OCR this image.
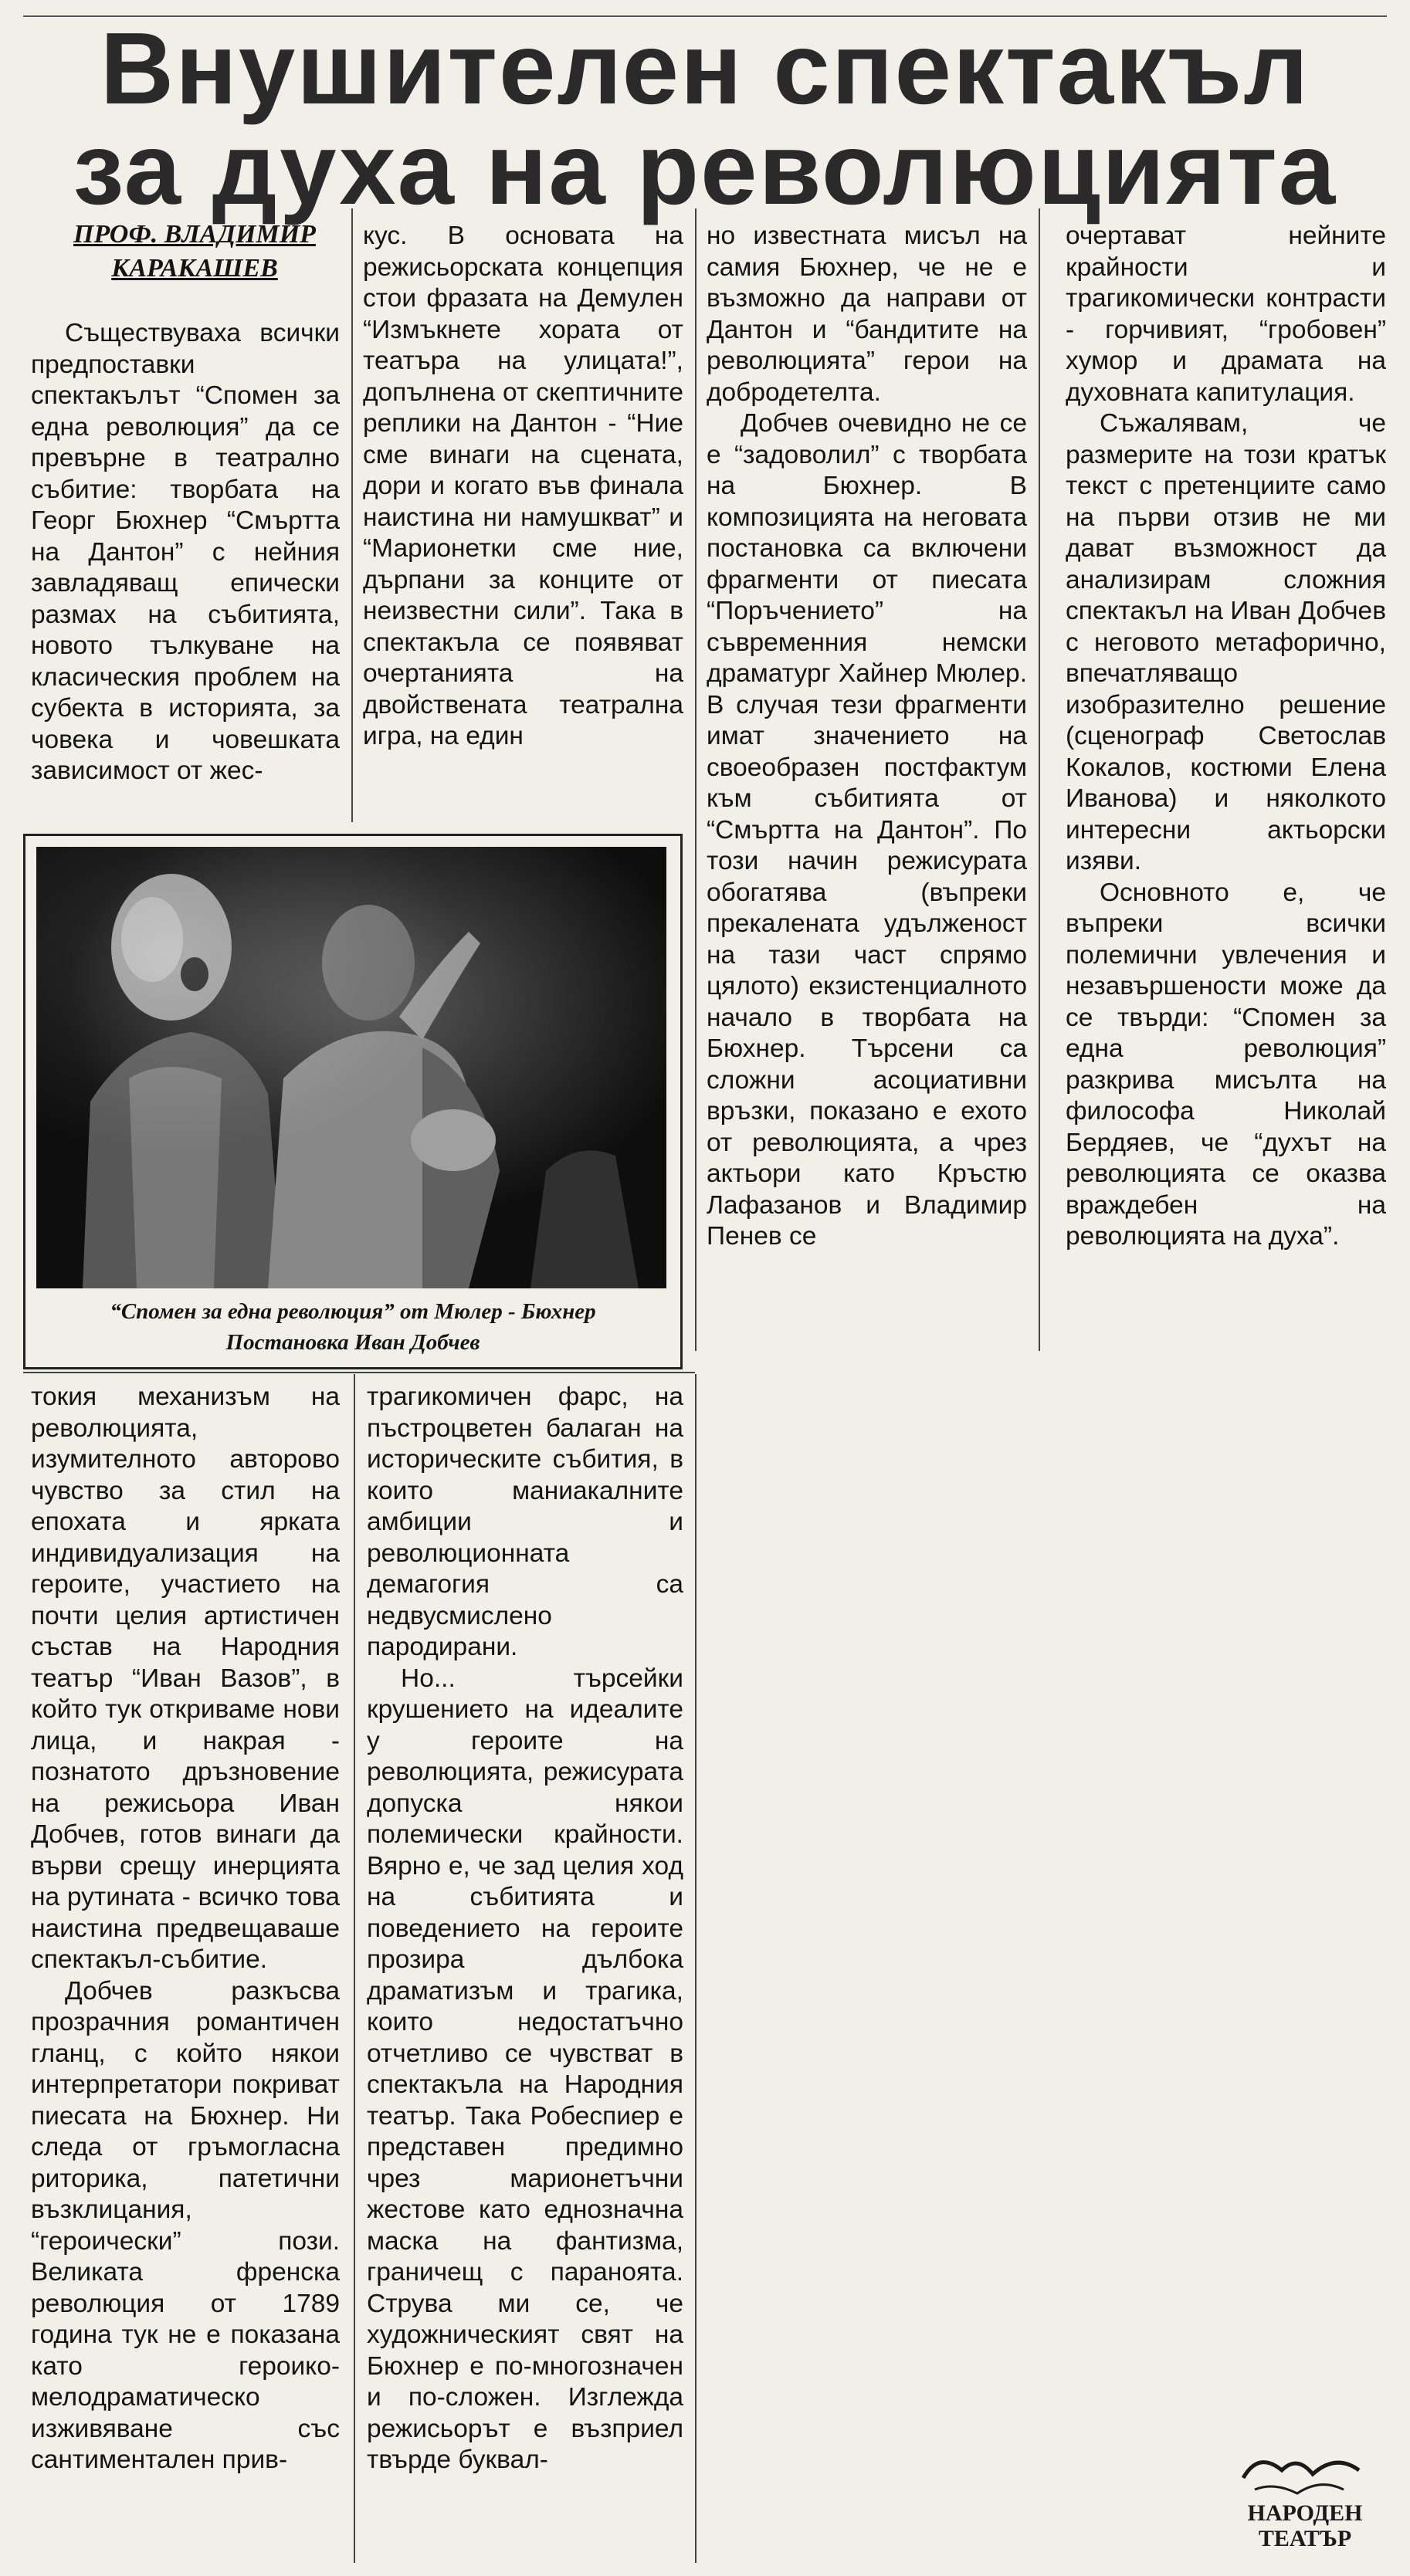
Внушителен спектакъл
за духа на революцията
ПРОФ. ВЛАДИМИР
КАРАКАШЕВ

Съществуваха всички предпоставки спектакълът “Спомен за една революция” да се превърне в театрално събитие: творбата на Георг Бюхнер “Смъртта на Дантон” с нейния завладяващ епически размах на събитията, новото тълкуване на класическия проблем на субекта в историята, за човека и човешката зависимост от жес-

кус. В основата на режисьорската концепция стои фразата на Демулен “Измъкнете хората от театъра на улицата!”, допълнена от скептичните реплики на Дантон - “Ние сме винаги на сцената, дори и когато във финала наистина ни намушкват” и “Марионетки сме ние, дърпани за конците от неизвестни сили”. Така в спектакъла се появяват очертанията на двойствената театрална игра, на един

но известната мисъл на самия Бюхнер, че не е възможно да направи от Дантон и “бандитите на революцията” герои на добродетелта.

Добчев очевидно не се е “задоволил” с творбата на Бюхнер. В композицията на неговата постановка са включени фрагменти от пиесата “Поръчението” на съвременния немски драматург Хайнер Мюлер. В случая тези фрагменти имат значението на своеобразен постфактум към събитията от “Смъртта на Дантон”. По този начин режисурата обогатява (въпреки прекалената удълженост на тази част спрямо цялото) екзистенциалното начало в творбата на Бюхнер. Търсени са сложни асоциативни връзки, показано е ехото от революцията, а чрез актьори като Кръстю Лафазанов и Владимир Пенев се

очертават нейните крайности и трагикомически контрасти - горчивият, “гробовен” хумор и драмата на духовната капитулация.

Съжалявам, че размерите на този кратък текст с претенциите само на първи отзив не ми дават възможност да анализирам сложния спектакъл на Иван Добчев с неговото метафорично, впечатляващо изобразително решение (сценограф Светослав Кокалов, костюми Елена Иванова) и няколкото интересни актьорски изяви.

Основното е, че въпреки всички полемични увлечения и незавършености може да се твърди: “Спомен за една революция” разкрива мисълта на философа Николай Бердяев, че “духът на революцията се оказва враждебен на революцията на духа”.

“Спомен за една революция” от Мюлер - Бюхнер
Постановка Иван Добчев

токия механизъм на революцията, изумителното авторово чувство за стил на епохата и ярката индивидуализация на героите, участието на почти целия артистичен състав на Народния театър “Иван Вазов”, в който тук откриваме нови лица, и накрая - познатото дръзновение на режисьора Иван Добчев, готов винаги да върви срещу инерцията на рутината - всичко това наистина предвещаваше спектакъл-събитие.

Добчев разкъсва прозрачния романтичен гланц, с който някои интерпретатори покриват пиесата на Бюхнер. Ни следа от гръмогласна риторика, патетични възклицания, “героически” пози. Великата френска революция от 1789 година тук не е показана като героико-мелодраматическо изживяване със сантиментален прив-

трагикомичен фарс, на пъстроцветен балаган на историческите събития, в които маниакалните амбиции и революционната демагогия са недвусмислено пародирани.

Но... търсейки крушението на идеалите у героите на революцията, режисурата допуска някои полемически крайности. Вярно е, че зад целия ход на събитията и поведението на героите прозира дълбока драматизъм и трагика, които недостатъчно отчетливо се чувстват в спектакъла на Народния театър. Така Робеспиер е представен предимно чрез марионетъчни жестове като еднозначна маска на фантизма, граничещ с параноята. Струва ми се, че художническият свят на Бюхнер е по-многозначен и по-сложен. Изглежда режисьорът е възприел твърде буквал-

НАРОДЕН
ТЕАТЪР
